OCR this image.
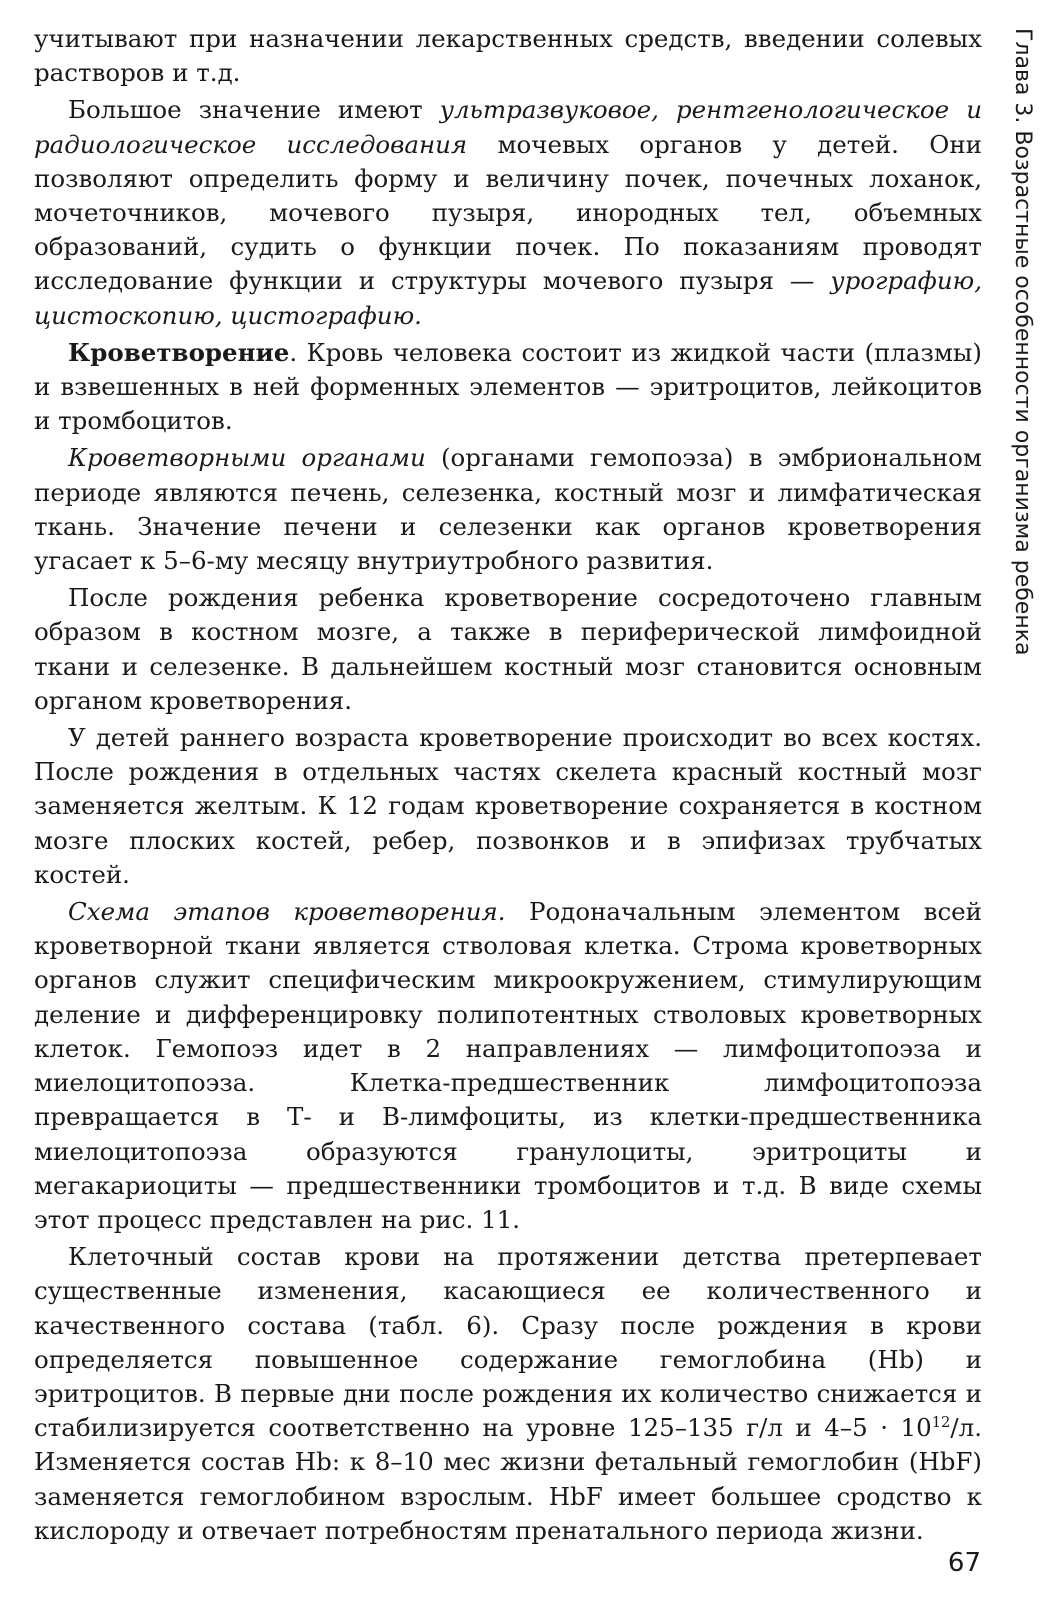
учитывают при назначении лекарственных средств, введении солевых растворов и т.д.

Большое значение имеют ультразвуковое, рентгенологическое и радиологическое исследования мочевых органов у детей. Они позволяют определить форму и величину почек, почечных лоханок, мочеточников, мочевого пузыря, инородных тел, объемных образований, судить о функции почек. По показаниям проводят исследование функции и структуры мочевого пузыря — урографию, цистоскопию, цистографию.

Кроветворение. Кровь человека состоит из жидкой части (плазмы) и взвешенных в ней форменных элементов — эритроцитов, лейкоцитов и тромбоцитов.

Кроветворными органами (органами гемопоэза) в эмбриональном периоде являются печень, селезенка, костный мозг и лимфатическая ткань. Значение печени и селезенки как органов кроветворения угасает к 5–6-му месяцу внутриутробного развития.

После рождения ребенка кроветворение сосредоточено главным образом в костном мозге, а также в периферической лимфоидной ткани и селезенке. В дальнейшем костный мозг становится основным органом кроветворения.

У детей раннего возраста кроветворение происходит во всех костях. После рождения в отдельных частях скелета красный костный мозг заменяется желтым. К 12 годам кроветворение сохраняется в костном мозге плоских костей, ребер, позвонков и в эпифизах трубчатых костей.

Схема этапов кроветворения. Родоначальным элементом всей кроветворной ткани является стволовая клетка. Строма кроветворных органов служит специфическим микроокружением, стимулирующим деление и дифференцировку полипотентных стволовых кроветворных клеток. Гемопоэз идет в 2 направлениях — лимфоцитопоэза и миелоцитопоэза. Клетка-предшественник лимфоцитопоэза превращается в Т- и В-лимфоциты, из клетки-предшественника миелоцитопоэза образуются гранулоциты, эритроциты и мегакариоциты — предшественники тромбоцитов и т.д. В виде схемы этот процесс представлен на рис. 11.

Клеточный состав крови на протяжении детства претерпевает существенные изменения, касающиеся ее количественного и качественного состава (табл. 6). Сразу после рождения в крови определяется повышенное содержание гемоглобина (Hb) и эритроцитов. В первые дни после рождения их количество снижается и стабилизируется соответственно на уровне 125–135 г/л и $4-5 \cdot 10^{12}/л$. Изменяется состав Hb: к 8–10 мес жизни фетальный гемоглобин (HbF) заменяется гемоглобином взрослым. HbF имеет большее сродство к кислороду и отвечает потребностям пренатального периода жизни.

Глава 3. Возрастные особенности организма ребенка
67
